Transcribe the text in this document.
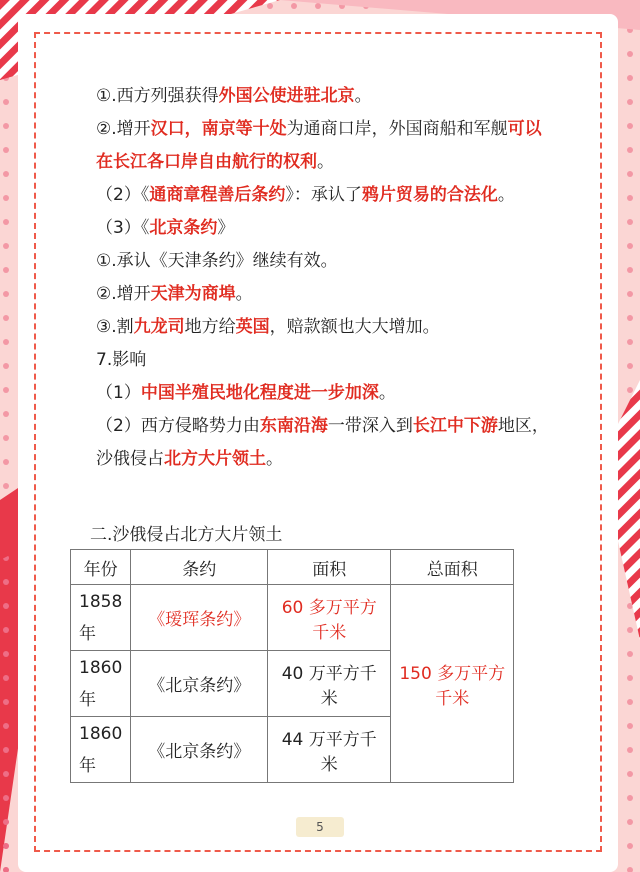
①.西方列强获得外国公使进驻北京。
②.增开汉口，南京等十处为通商口岸，外国商船和军舰可以
在长江各口岸自由航行的权利。
（2）《通商章程善后条约》：承认了鸦片贸易的合法化。
（3）《北京条约》
①.承认《天津条约》继续有效。
②.增开天津为商埠。
③.割九龙司地方给英国，赔款额也大大增加。
7.影响
（1）中国半殖民地化程度进一步加深。
（2）西方侵略势力由东南沿海一带深入到长江中下游地区，
沙俄侵占北方大片领土。
二.沙俄侵占北方大片领土
年份	条约	面积	总面积
1858年	《瑷珲条约》	60 多万平方千米	150 多万平方千米
1860年	《北京条约》	40 万平方千米	
1860年	《北京条约》	44 万平方千米	
5
